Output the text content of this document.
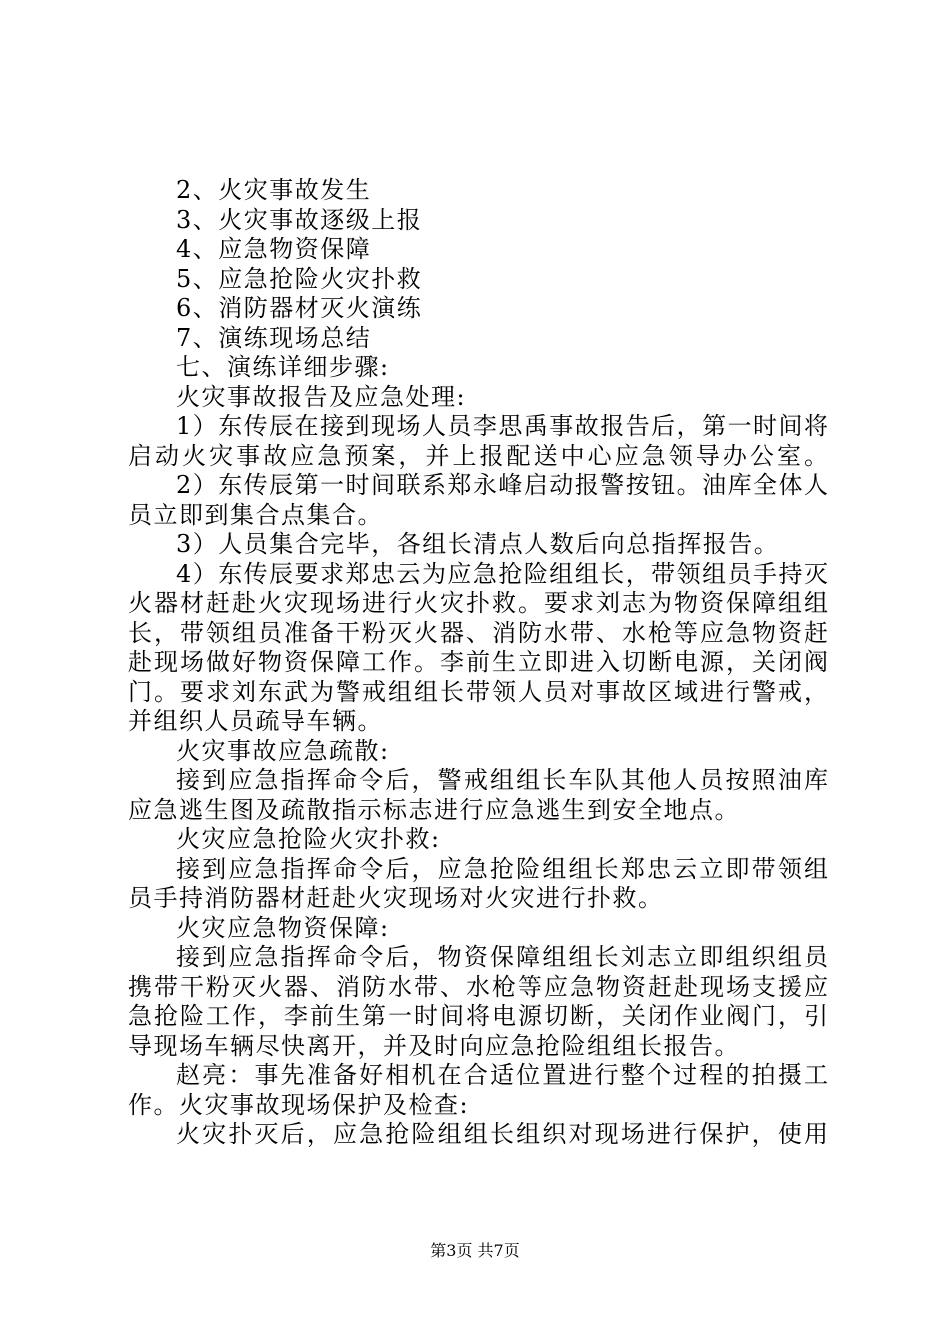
2、火灾事故发生
3、火灾事故逐级上报
4、应急物资保障
5、应急抢险火灾扑救
6、消防器材灭火演练
7、演练现场总结
七、演练详细步骤:
火灾事故报告及应急处理:
1）东传辰在接到现场人员李思禹事故报告后，第一时间将
启动火灾事故应急预案，并上报配送中心应急领导办公室。
2）东传辰第一时间联系郑永峰启动报警按钮。油库全体人
员立即到集合点集合。
3）人员集合完毕，各组长清点人数后向总指挥报告。
4）东传辰要求郑忠云为应急抢险组组长，带领组员手持灭
火器材赶赴火灾现场进行火灾扑救。要求刘志为物资保障组组
长，带领组员准备干粉灭火器、消防水带、水枪等应急物资赶
赴现场做好物资保障工作。李前生立即进入切断电源，关闭阀
门。要求刘东武为警戒组组长带领人员对事故区域进行警戒，
并组织人员疏导车辆。
火灾事故应急疏散:
接到应急指挥命令后，警戒组组长车队其他人员按照油库
应急逃生图及疏散指示标志进行应急逃生到安全地点。
火灾应急抢险火灾扑救:
接到应急指挥命令后，应急抢险组组长郑忠云立即带领组
员手持消防器材赶赴火灾现场对火灾进行扑救。
火灾应急物资保障:
接到应急指挥命令后，物资保障组组长刘志立即组织组员
携带干粉灭火器、消防水带、水枪等应急物资赶赴现场支援应
急抢险工作，李前生第一时间将电源切断，关闭作业阀门，引
导现场车辆尽快离开，并及时向应急抢险组组长报告。
赵亮：事先准备好相机在合适位置进行整个过程的拍摄工
作。火灾事故现场保护及检查:
火灾扑灭后，应急抢险组组长组织对现场进行保护，使用
第3页 共7页
